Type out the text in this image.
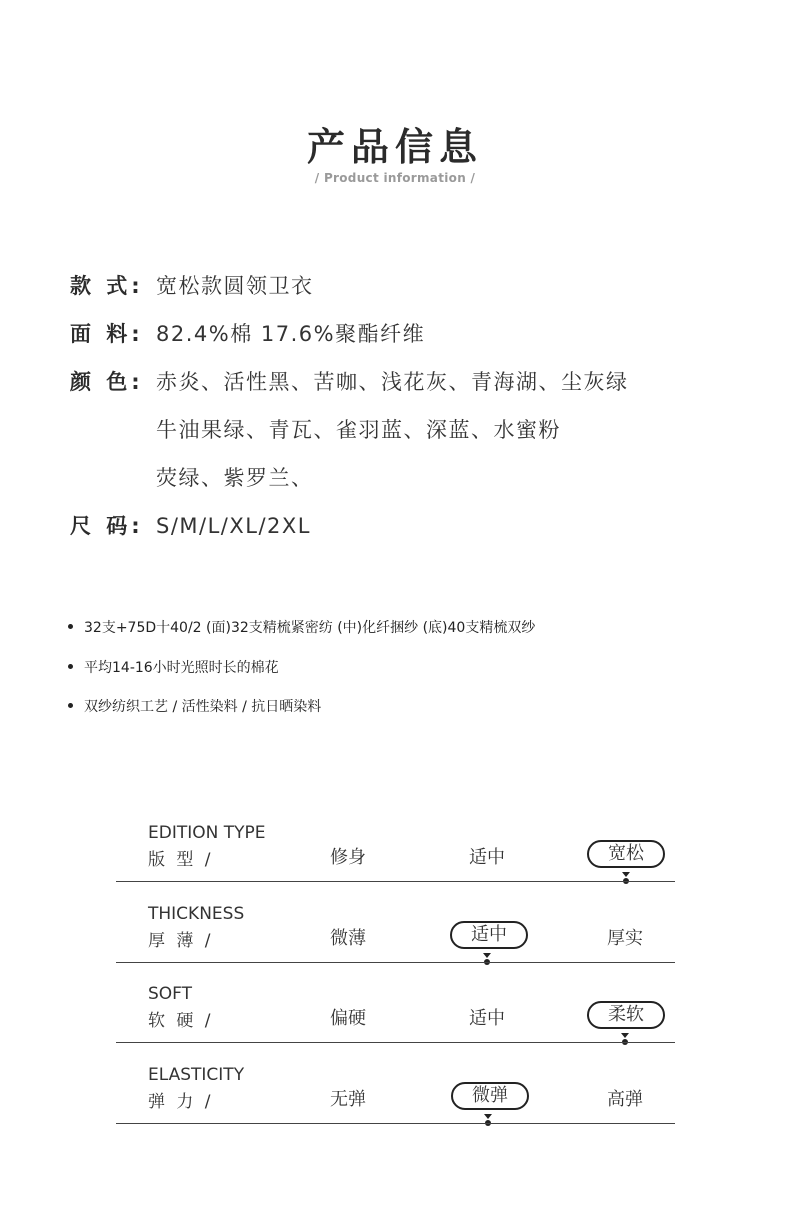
产品信息
/ Product information /
款 式: 宽松款圆领卫衣
面 料: 82.4%棉 17.6%聚酯纤维
颜 色: 赤炎、活性黑、苦咖、浅花灰、青海湖、尘灰绿
牛油果绿、青瓦、雀羽蓝、深蓝、水蜜粉
荧绿、紫罗兰、
尺 码: S/M/L/XL/2XL
32支+75D十40/2 (面)32支精梳紧密纺 (中)化纤捆纱 (底)40支精梳双纱
平均14-16小时光照时长的棉花
双纱纺织工艺 / 活性染料 / 抗日晒染料
EDITION TYPE
版 型 /	修身	适中	宽松
THICKNESS
厚 薄 /	微薄	适中	厚实
SOFT
软 硬 /	偏硬	适中	柔软
ELASTICITY
弹 力 /	无弹	微弹	高弹
